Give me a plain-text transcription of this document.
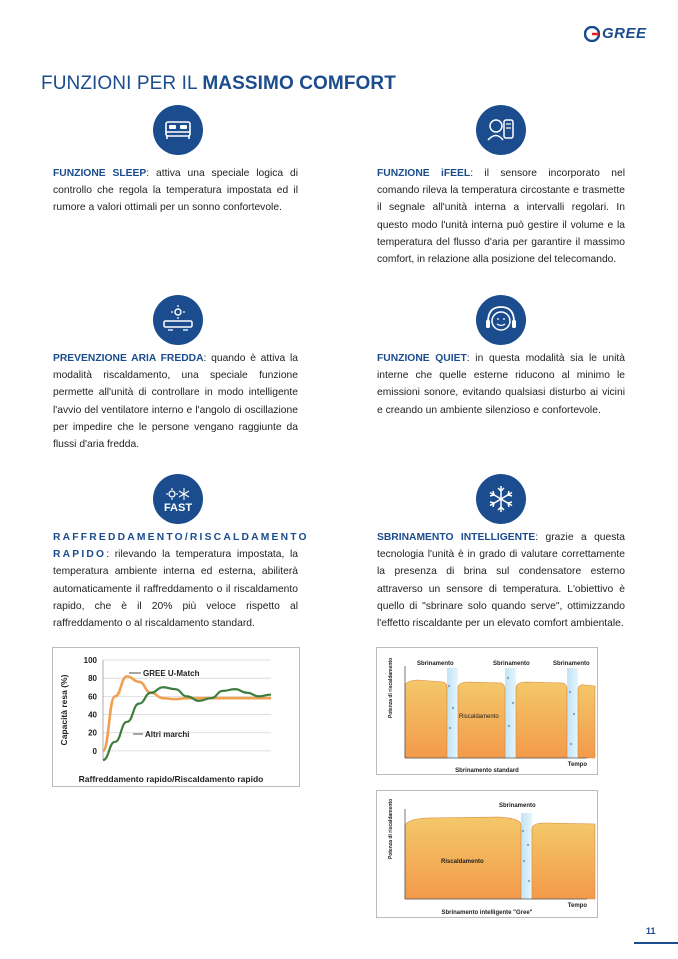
GREE
FUNZIONI PER IL MASSIMO COMFORT
FAST
FUNZIONE SLEEP: attiva una speciale logica di controllo che regola la temperatura impostata ed il rumore a valori ottimali per un sonno confortevole.
FUNZIONE iFEEL: il sensore incorporato nel comando rileva la temperatura circostante e trasmette il segnale all'unità interna a intervalli regolari. In questo modo l'unità interna può gestire il volume e la temperatura del flusso d'aria per garantire il massimo comfort, in relazione alla posizione del telecomando.
PREVENZIONE ARIA FREDDA: quando è attiva la modalità riscaldamento, una speciale funzione permette all'unità di controllare in modo intelligente l'avvio del ventilatore interno e l'angolo di oscillazione per impedire che le persone vengano raggiunte da flussi d'aria fredda.
FUNZIONE QUIET: in questa modalità sia le unità interne che quelle esterne riducono al minimo le emissioni sonore, evitando qualsiasi disturbo ai vicini e creando un ambiente silenzioso e confortevole.
RAFFREDDAMENTO/RISCALDAMENTO RAPIDO: rilevando la temperatura impostata, la temperatura ambiente interna ed esterna, abiliterà automaticamente il raffreddamento o il riscaldamento rapido, che è il 20% più veloce rispetto al raffreddamento o al riscaldamento standard.
SBRINAMENTO INTELLIGENTE: grazie a questa tecnologia l'unità è in grado di valutare correttamente la presenza di brina sul condensatore esterno attraverso un sensore di temperatura. L'obiettivo è quello di "sbrinare solo quando serve", ottimizzando l'effetto riscaldante per un elevato comfort ambientale.
0
20
40
60
80
100
Capacità resa (%)
Raffreddamento rapido/Riscaldamento rapido
GREE U-Match
Altri marchi
Potenza di riscaldamento	Sbrinamento	Sbrinamento	Sbrinamento
Riscaldamento
Tempo
Sbrinamento standard
Potenza di riscaldamento	Sbrinamento
Riscaldamento
Tempo
Sbrinamento intelligente "Gree"
11
